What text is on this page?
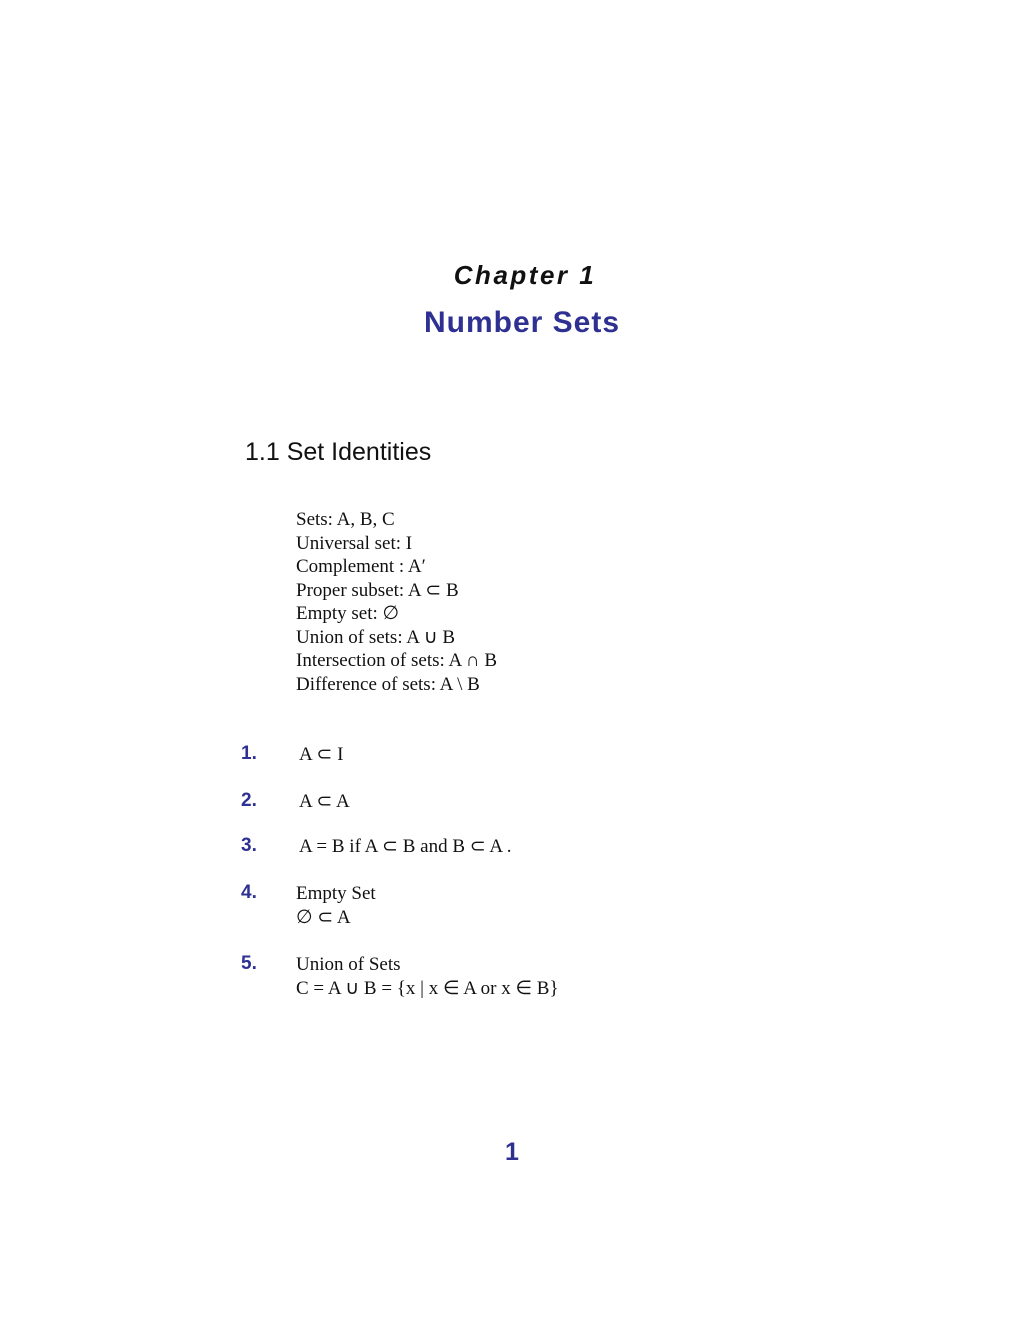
Chapter 1
Number Sets
1.1 Set Identities
Sets: A, B, C
Universal set: I
Complement : A′
Proper subset: A ⊂ B
Empty set: ∅
Union of sets: A ∪ B
Intersection of sets: A ∩ B
Difference of sets: A \ B
1. A ⊂ I
2. A ⊂ A
3. A = B if A ⊂ B and B ⊂ A .
4. Empty Set
∅ ⊂ A
5. Union of Sets
C = A ∪ B = {x | x ∈ A or x ∈ B}
1
